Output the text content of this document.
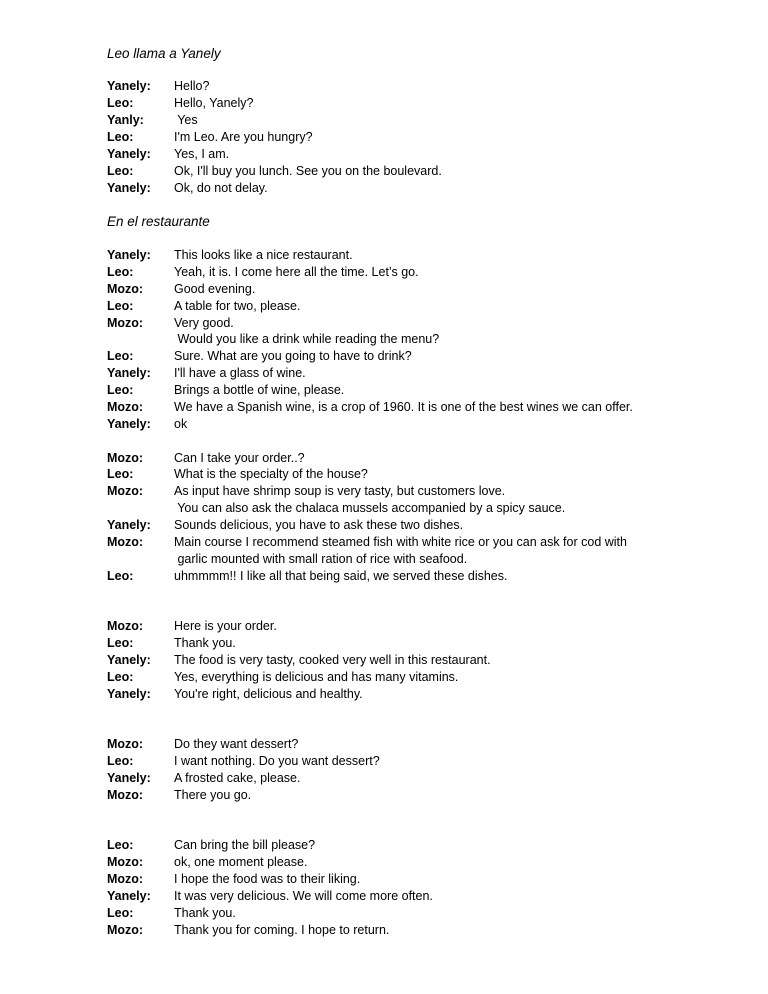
Leo llama a Yanely
Yanely:	Hello?
Leo:	Hello, Yanely?
Yanly:	Yes
Leo:	I'm Leo. Are you hungry?
Yanely:	Yes, I am.
Leo:	Ok, I'll buy you lunch. See you on the boulevard.
Yanely:	Ok, do not delay.
En el restaurante
Yanely:	This looks like a nice restaurant.
Leo:	Yeah, it is. I come here all the time. Let’s go.
Mozo:	Good evening.
Leo:	A table for two, please.
Mozo:	Very good.
Would you like a drink while reading the menu?
Leo:	Sure. What are you going to have to drink?
Yanely:	I'll have a glass of wine.
Leo:	Brings a bottle of wine, please.
Mozo:	We have a Spanish wine, is a crop of 1960. It is one of the best wines we can offer.
Yanely:	ok
Mozo:	Can I take your order..?
Leo:	What is the specialty of the house?
Mozo:	As input have shrimp soup is very tasty, but customers love.
You can also ask the chalaca mussels accompanied by a spicy sauce.
Yanely:	Sounds delicious, you have to ask these two dishes.
Mozo:	Main course I recommend steamed fish with white rice or you can ask for cod with
garlic mounted with small ration of rice with seafood.
Leo:	uhmmmm!! I like all that being said, we served these dishes.
Mozo:	Here is your order.
Leo:	Thank you.
Yanely:	The food is very tasty, cooked very well in this restaurant.
Leo:	Yes, everything is delicious and has many vitamins.
Yanely:	You're right, delicious and healthy.
Mozo:	Do they want dessert?
Leo:	I want nothing. Do you want dessert?
Yanely:	A frosted cake, please.
Mozo:	There you go.
Leo:	Can bring the bill please?
Mozo:	ok, one moment please.
Mozo:	I hope the food was to their liking.
Yanely:	It was very delicious. We will come more often.
Leo:	Thank you.
Mozo:	Thank you for coming. I hope to return.
